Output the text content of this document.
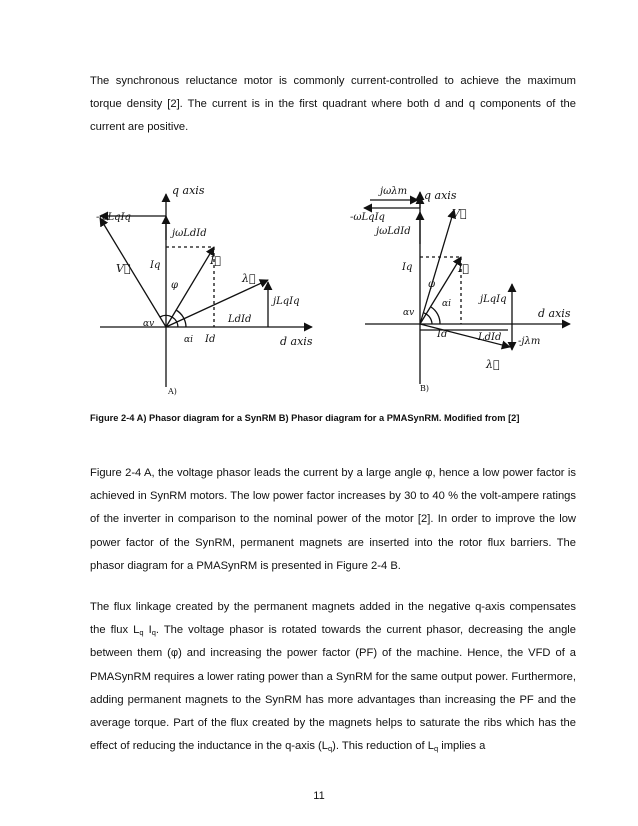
The synchronous reluctance motor is commonly current-controlled to achieve the maximum torque density [2]. The current is in the first quadrant where both d and q components of the current are positive.

q axis
d axis
-ωLqIq
jωLdId
V⃗
I⃗
λ⃗
Iq
Id
φ
αv
αi
jLqIq
LdId
A)
q axis
d axis
jωλm
-ωLqIq
jωLdId
V⃗
I⃗
Iq
Id
φ
αv
αi	jLqIq
LdId -jλm
λ⃗
B)

Figure 2-4 A) Phasor diagram for a SynRM B) Phasor diagram for a PMASynRM. Modified from [2]

Figure 2-4 A, the voltage phasor leads the current by a large angle φ, hence a low power factor is achieved in SynRM motors. The low power factor increases by 30 to 40 % the volt-ampere ratings of the inverter in comparison to the nominal power of the motor [2]. In order to improve the low power factor of the SynRM, permanent magnets are inserted into the rotor flux barriers. The phasor diagram for a PMASynRM is presented in Figure 2-4 B.

The flux linkage created by the permanent magnets added in the negative q-axis compensates the flux $L_q$ $I_q$. The voltage phasor is rotated towards the current phasor, decreasing the angle between them (φ) and increasing the power factor (PF) of the machine. Hence, the VFD of a PMASynRM requires a lower rating power than a SynRM for the same output power. Furthermore, adding permanent magnets to the SynRM has more advantages than increasing the PF and the average torque. Part of the flux created by the magnets helps to saturate the ribs which has the effect of reducing the inductance in the q-axis $(L_q)$. This reduction of $L_q$ implies a

11
